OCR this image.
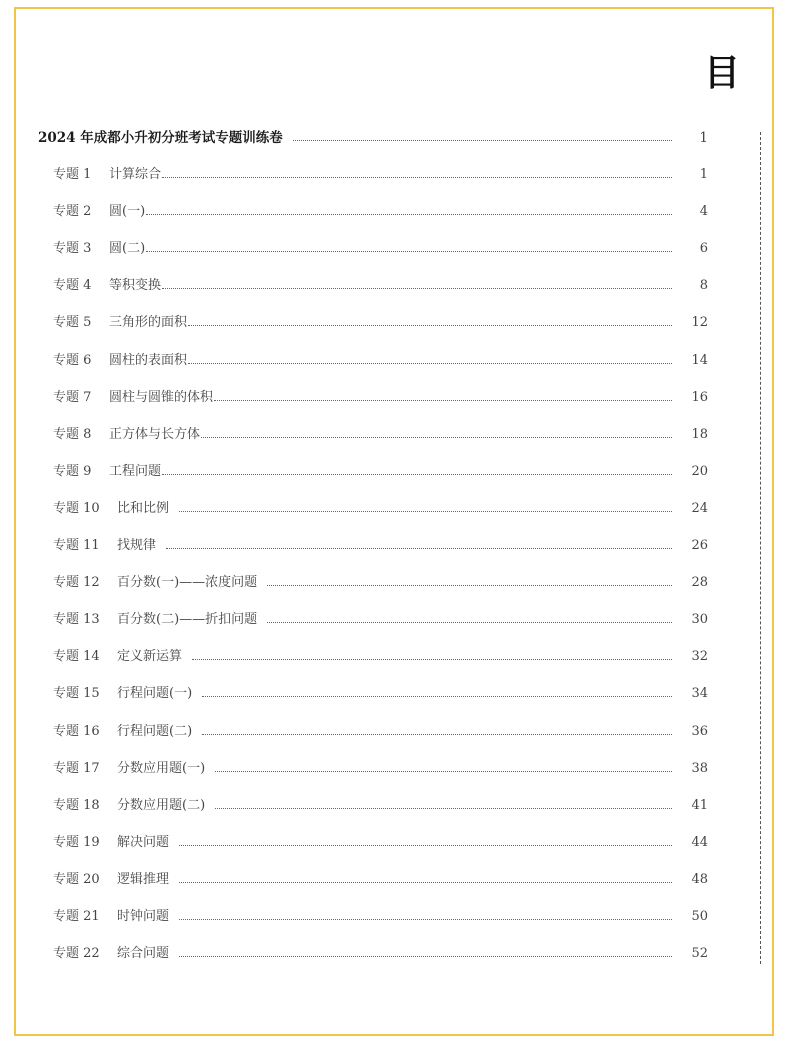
目
2024 年成都小升初分班考试专题训练卷	1
专题 1	计算综合	1
专题 2	圆(一)	4
专题 3	圆(二)	6
专题 4	等积变换	8
专题 5	三角形的面积	12
专题 6	圆柱的表面积	14
专题 7	圆柱与圆锥的体积	16
专题 8	正方体与长方体	18
专题 9	工程问题	20
专题 10	比和比例	24
专题 11	找规律	26
专题 12	百分数(一)——浓度问题	28
专题 13	百分数(二)——折扣问题	30
专题 14	定义新运算	32
专题 15	行程问题(一)	34
专题 16	行程问题(二)	36
专题 17	分数应用题(一)	38
专题 18	分数应用题(二)	41
专题 19	解决问题	44
专题 20	逻辑推理	48
专题 21	时钟问题	50
专题 22	综合问题	52
